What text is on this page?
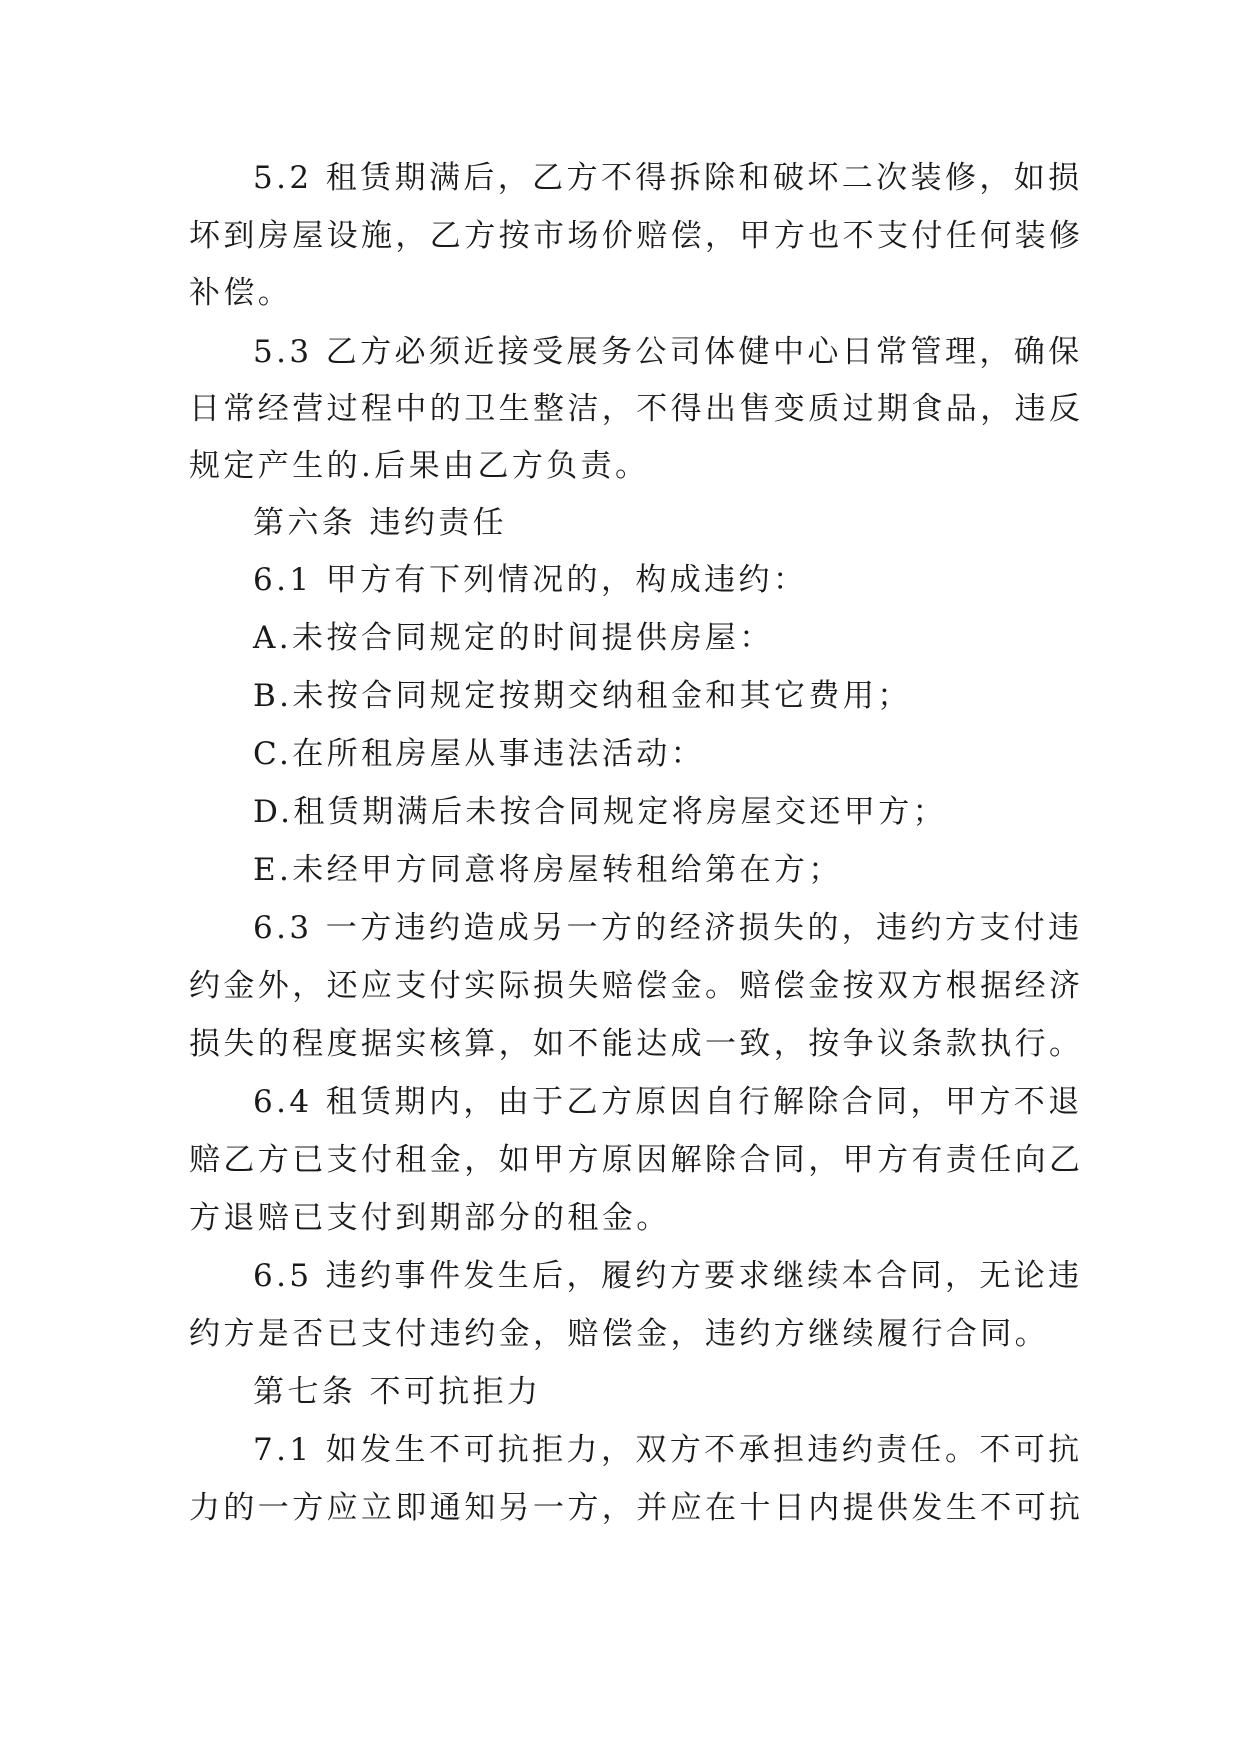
5.2 租赁期满后，乙方不得拆除和破坏二次装修，如损
坏到房屋设施，乙方按市场价赔偿，甲方也不支付任何装修
补偿。
5.3 乙方必须近接受展务公司体健中心日常管理，确保
日常经营过程中的卫生整洁，不得出售变质过期食品，违反
规定产生的.后果由乙方负责。
第六条 违约责任
6.1 甲方有下列情况的，构成违约：
A.未按合同规定的时间提供房屋：
B.未按合同规定按期交纳租金和其它费用；
C.在所租房屋从事违法活动：
D.租赁期满后未按合同规定将房屋交还甲方；
E.未经甲方同意将房屋转租给第在方；
6.3 一方违约造成另一方的经济损失的，违约方支付违
约金外，还应支付实际损失赔偿金。赔偿金按双方根据经济
损失的程度据实核算，如不能达成一致，按争议条款执行。
6.4 租赁期内，由于乙方原因自行解除合同，甲方不退
赔乙方已支付租金，如甲方原因解除合同，甲方有责任向乙
方退赔已支付到期部分的租金。
6.5 违约事件发生后，履约方要求继续本合同，无论违
约方是否已支付违约金，赔偿金，违约方继续履行合同。
第七条 不可抗拒力
7.1 如发生不可抗拒力，双方不承担违约责任。不可抗
力的一方应立即通知另一方，并应在十日内提供发生不可抗
